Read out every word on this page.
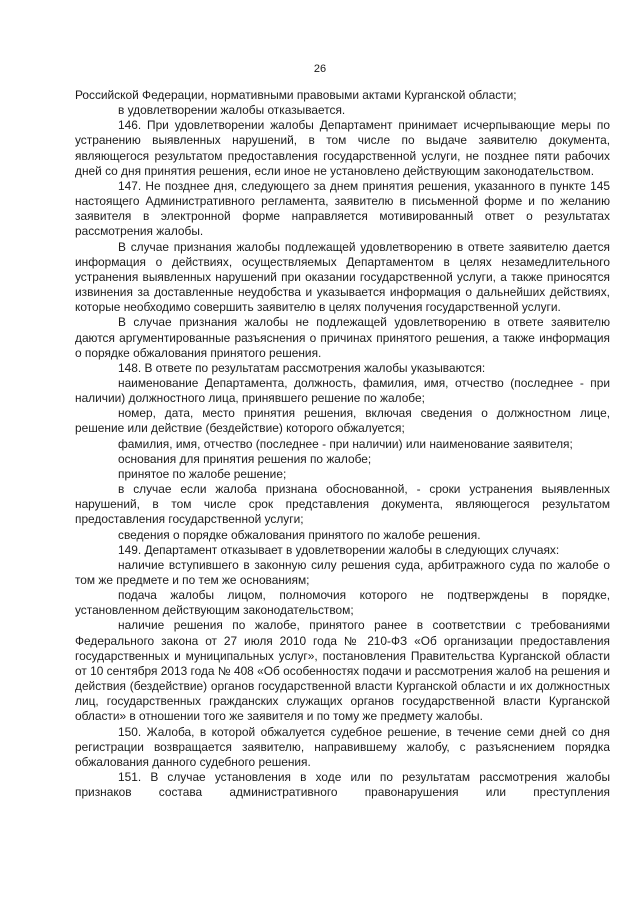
26

Российской Федерации, нормативными правовыми актами Курганской области;

в удовлетворении жалобы отказывается.

146. При удовлетворении жалобы Департамент принимает исчерпывающие меры по устранению выявленных нарушений, в том числе по выдаче заявителю документа, являющегося результатом предоставления государственной услуги, не позднее пяти рабочих дней со дня принятия решения, если иное не установлено действующим законодательством.

147. Не позднее дня, следующего за днем принятия решения, указанного в пункте 145 настоящего Административного регламента, заявителю в письменной форме и по желанию заявителя в электронной форме направляется мотивированный ответ о результатах рассмотрения жалобы.

В случае признания жалобы подлежащей удовлетворению в ответе заявителю дается информация о действиях, осуществляемых Департаментом в целях незамедлительного устранения выявленных нарушений при оказании государственной услуги, а также приносятся извинения за доставленные неудобства и указывается информация о дальнейших действиях, которые необходимо совершить заявителю в целях получения государственной услуги.

В случае признания жалобы не подлежащей удовлетворению в ответе заявителю даются аргументированные разъяснения о причинах принятого решения, а также информация о порядке обжалования принятого решения.

148. В ответе по результатам рассмотрения жалобы указываются:

наименование Департамента, должность, фамилия, имя, отчество (последнее - при наличии) должностного лица, принявшего решение по жалобе;

номер, дата, место принятия решения, включая сведения о должностном лице, решение или действие (бездействие) которого обжалуется;

фамилия, имя, отчество (последнее - при наличии) или наименование заявителя;

основания для принятия решения по жалобе;

принятое по жалобе решение;

в случае если жалоба признана обоснованной, - сроки устранения выявленных нарушений, в том числе срок представления документа, являющегося результатом предоставления государственной услуги;

сведения о порядке обжалования принятого по жалобе решения.

149. Департамент отказывает в удовлетворении жалобы в следующих случаях:

наличие вступившего в законную силу решения суда, арбитражного суда по жалобе о том же предмете и по тем же основаниям;

подача жалобы лицом, полномочия которого не подтверждены в порядке, установленном действующим законодательством;

наличие решения по жалобе, принятого ранее в соответствии с требованиями Федерального закона от 27 июля 2010 года № 210-ФЗ «Об организации предоставления государственных и муниципальных услуг», постановления Правительства Курганской области от 10 сентября 2013 года № 408 «Об особенностях подачи и рассмотрения жалоб на решения и действия (бездействие) органов государственной власти Курганской области и их должностных лиц, государственных гражданских служащих органов государственной власти Курганской области» в отношении того же заявителя и по тому же предмету жалобы.

150. Жалоба, в которой обжалуется судебное решение, в течение семи дней со дня регистрации возвращается заявителю, направившему жалобу, с разъяснением порядка обжалования данного судебного решения.

151. В случае установления в ходе или по результатам рассмотрения жалобы признаков состава административного правонарушения или преступления
